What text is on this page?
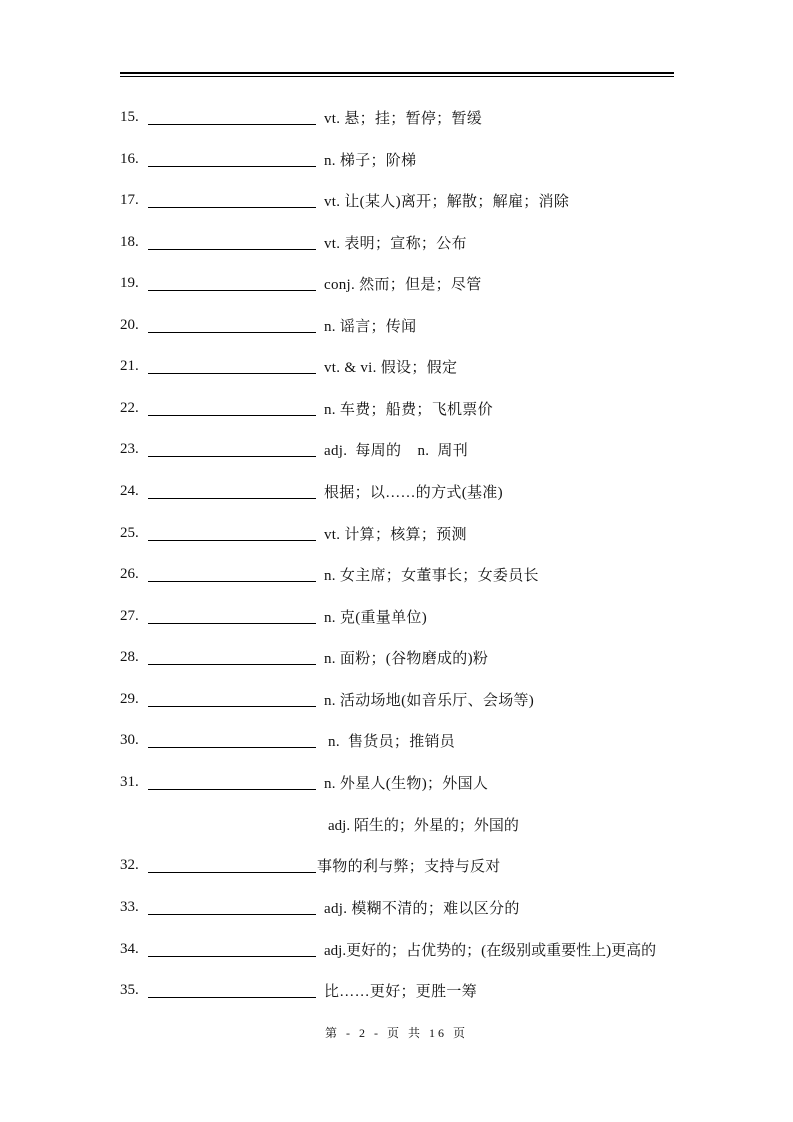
15.	vt. 悬；挂；暂停；暂缓
16.	n. 梯子；阶梯
17.	vt. 让(某人)离开；解散；解雇；消除
18.	vt. 表明；宣称；公布
19.	conj. 然而；但是；尽管
20.	n. 谣言；传闻
21.	vt. & vi. 假设；假定
22.	n. 车费；船费；飞机票价
23.	adj.  每周的    n.  周刊
24.	根据；以……的方式(基准)
25.	vt. 计算；核算；预测
26.	n. 女主席；女董事长；女委员长
27.	n. 克(重量单位)
28.	n. 面粉；(谷物磨成的)粉
29.	n. 活动场地(如音乐厅、会场等)
30.	n.  售货员；推销员
31.	n. 外星人(生物)；外国人
adj. 陌生的；外星的；外国的
32.	事物的利与弊；支持与反对
33.	adj. 模糊不清的；难以区分的
34.	adj.更好的；占优势的；(在级别或重要性上)更高的
35.	比……更好；更胜一筹
第 - 2 - 页 共 16 页
